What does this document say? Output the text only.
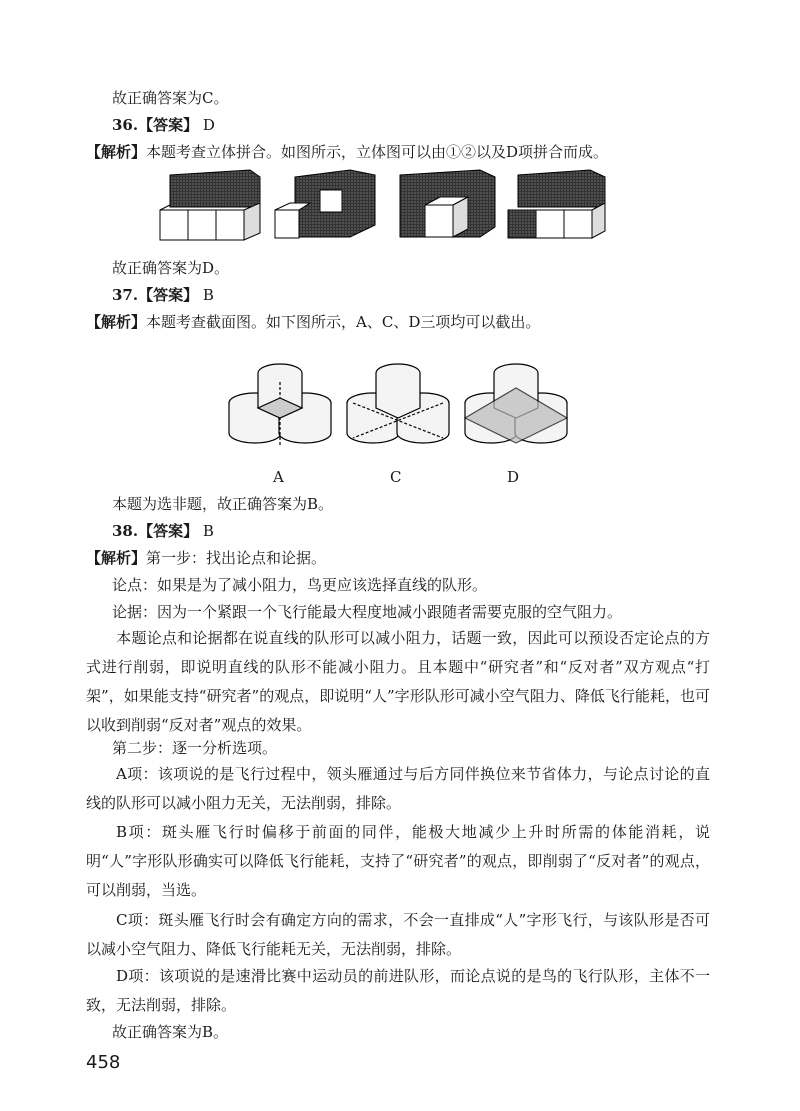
故正确答案为C。
36.【答案】 D
【解析】本题考查立体拼合。如图所示，立体图可以由①②以及D项拼合而成。
故正确答案为D。
37.【答案】 B
【解析】本题考查截面图。如下图所示，A、C、D三项均可以截出。
A	C	D
本题为选非题，故正确答案为B。
38.【答案】 B
【解析】第一步：找出论点和论据。
论点：如果是为了减小阻力，鸟更应该选择直线的队形。
论据：因为一个紧跟一个飞行能最大程度地减小跟随者需要克服的空气阻力。
本题论点和论据都在说直线的队形可以减小阻力，话题一致，因此可以预设否定论点的方式进行削弱，即说明直线的队形不能减小阻力。且本题中“研究者”和“反对者”双方观点“打架”，如果能支持“研究者”的观点，即说明“人”字形队形可减小空气阻力、降低飞行能耗，也可以收到削弱“反对者”观点的效果。
第二步：逐一分析选项。
A项：该项说的是飞行过程中，领头雁通过与后方同伴换位来节省体力，与论点讨论的直线的队形可以减小阻力无关，无法削弱，排除。
B项：斑头雁飞行时偏移于前面的同伴，能极大地减少上升时所需的体能消耗，说明“人”字形队形确实可以降低飞行能耗，支持了“研究者”的观点，即削弱了“反对者”的观点，可以削弱，当选。
C项：斑头雁飞行时会有确定方向的需求，不会一直排成“人”字形飞行，与该队形是否可以减小空气阻力、降低飞行能耗无关，无法削弱，排除。
D项：该项说的是速滑比赛中运动员的前进队形，而论点说的是鸟的飞行队形，主体不一致，无法削弱，排除。
故正确答案为B。
458
